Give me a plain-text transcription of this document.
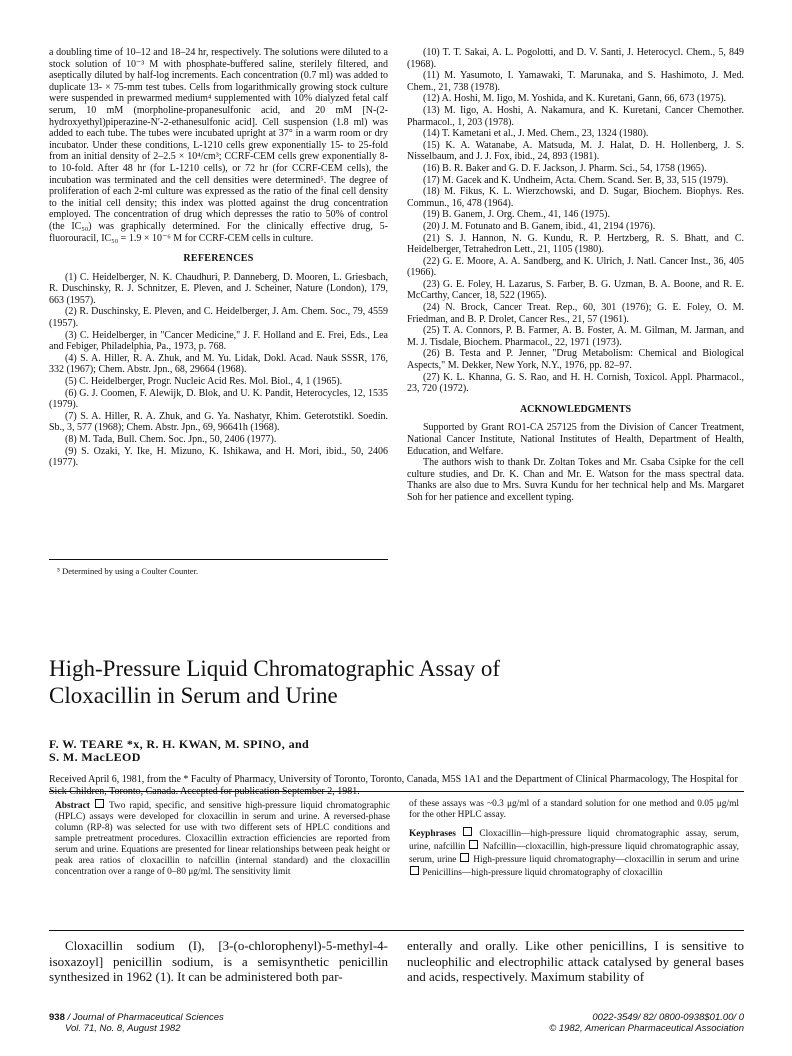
a doubling time of 10–12 and 18–24 hr, respectively. The solutions were diluted to a stock solution of 10⁻³ M with phosphate-buffered saline, sterilely filtered, and aseptically diluted by half-log increments. Each concentration (0.7 ml) was added to duplicate 13- × 75-mm test tubes. Cells from logarithmically growing stock culture were suspended in prewarmed medium⁴ supplemented with 10% dialyzed fetal calf serum, 10 mM (morpholine-propanesulfonic acid, and 20 mM [N-(2-hydroxyethyl)piperazine-N′-2-ethanesulfonic acid]. Cell suspension (1.8 ml) was added to each tube. The tubes were incubated upright at 37° in a warm room or dry incubator. Under these conditions, L-1210 cells grew exponentially 15- to 25-fold from an initial density of 2–2.5 × 10⁴/cm³; CCRF-CEM cells grew exponentially 8- to 10-fold. After 48 hr (for L-1210 cells), or 72 hr (for CCRF-CEM cells), the incubation was terminated and the cell densities were determined⁵. The degree of proliferation of each 2-ml culture was expressed as the ratio of the final cell density to the initial cell density; this index was plotted against the drug concentration employed. The concentration of drug which depresses the ratio to 50% of control (the IC₅₀) was graphically determined. For the clinically effective drug, 5-fluorouracil, IC₅₀ = 1.9 × 10⁻⁶ M for CCRF-CEM cells in culture.

REFERENCES

(1) C. Heidelberger, N. K. Chaudhuri, P. Danneberg, D. Mooren, L. Griesbach, R. Duschinsky, R. J. Schnitzer, E. Pleven, and J. Scheiner, Nature (London), 179, 663 (1957).

(2) R. Duschinsky, E. Pleven, and C. Heidelberger, J. Am. Chem. Soc., 79, 4559 (1957).

(3) C. Heidelberger, in "Cancer Medicine," J. F. Holland and E. Frei, Eds., Lea and Febiger, Philadelphia, Pa., 1973, p. 768.

(4) S. A. Hiller, R. A. Zhuk, and M. Yu. Lidak, Dokl. Acad. Nauk SSSR, 176, 332 (1967); Chem. Abstr. Jpn., 68, 29664 (1968).

(5) C. Heidelberger, Progr. Nucleic Acid Res. Mol. Biol., 4, 1 (1965).

(6) G. J. Coomen, F. Alewijk, D. Blok, and U. K. Pandit, Heterocycles, 12, 1535 (1979).

(7) S. A. Hiller, R. A. Zhuk, and G. Ya. Nashatyr, Khim. Geterotstikl. Soedin. Sb., 3, 577 (1968); Chem. Abstr. Jpn., 69, 96641h (1968).

(8) M. Tada, Bull. Chem. Soc. Jpn., 50, 2406 (1977).

(9) S. Ozaki, Y. Ike, H. Mizuno, K. Ishikawa, and H. Mori, ibid., 50, 2406 (1977).

⁵ Determined by using a Coulter Counter.

(10) T. T. Sakai, A. L. Pogolotti, and D. V. Santi, J. Heterocycl. Chem., 5, 849 (1968).

(11) M. Yasumoto, I. Yamawaki, T. Marunaka, and S. Hashimoto, J. Med. Chem., 21, 738 (1978).

(12) A. Hoshi, M. Iigo, M. Yoshida, and K. Kuretani, Gann, 66, 673 (1975).

(13) M. Iigo, A. Hoshi, A. Nakamura, and K. Kuretani, Cancer Chemother. Pharmacol., 1, 203 (1978).

(14) T. Kametani et al., J. Med. Chem., 23, 1324 (1980).

(15) K. A. Watanabe, A. Matsuda, M. J. Halat, D. H. Hollenberg, J. S. Nisselbaum, and J. J. Fox, ibid., 24, 893 (1981).

(16) B. R. Baker and G. D. F. Jackson, J. Pharm. Sci., 54, 1758 (1965).

(17) M. Gacek and K. Undheim, Acta. Chem. Scand. Ser. B, 33, 515 (1979).

(18) M. Fikus, K. L. Wierzchowski, and D. Sugar, Biochem. Biophys. Res. Commun., 16, 478 (1964).

(19) B. Ganem, J. Org. Chem., 41, 146 (1975).

(20) J. M. Fotunato and B. Ganem, ibid., 41, 2194 (1976).

(21) S. J. Hannon, N. G. Kundu, R. P. Hertzberg, R. S. Bhatt, and C. Heidelberger, Tetrahedron Lett., 21, 1105 (1980).

(22) G. E. Moore, A. A. Sandberg, and K. Ulrich, J. Natl. Cancer Inst., 36, 405 (1966).

(23) G. E. Foley, H. Lazarus, S. Farber, B. G. Uzman, B. A. Boone, and R. E. McCarthy, Cancer, 18, 522 (1965).

(24) N. Brock, Cancer Treat. Rep., 60, 301 (1976); G. E. Foley, O. M. Friedman, and B. P. Drolet, Cancer Res., 21, 57 (1961).

(25) T. A. Connors, P. B. Farmer, A. B. Foster, A. M. Gilman, M. Jarman, and M. J. Tisdale, Biochem. Pharmacol., 22, 1971 (1973).

(26) B. Testa and P. Jenner, "Drug Metabolism: Chemical and Biological Aspects," M. Dekker, New York, N.Y., 1976, pp. 82–97.

(27) K. L. Khanna, G. S. Rao, and H. H. Cornish, Toxicol. Appl. Pharmacol., 23, 720 (1972).

ACKNOWLEDGMENTS

Supported by Grant RO1-CA 257125 from the Division of Cancer Treatment, National Cancer Institute, National Institutes of Health, Department of Health, Education, and Welfare.

The authors wish to thank Dr. Zoltan Tokes and Mr. Csaba Csipke for the cell culture studies, and Dr. K. Chan and Mr. E. Watson for the mass spectral data. Thanks are also due to Mrs. Suvra Kundu for her technical help and Ms. Margaret Soh for her patience and excellent typing.

High-Pressure Liquid Chromatographic Assay of
Cloxacillin in Serum and Urine
F. W. TEARE *x, R. H. KWAN, M. SPINO, and
S. M. MacLEOD
Received April 6, 1981, from the * Faculty of Pharmacy, University of Toronto, Toronto, Canada, M5S 1A1 and the Department of Clinical Pharmacology, The Hospital for Sick Children, Toronto, Canada. Accepted for publication September 2, 1981.
Abstract Two rapid, specific, and sensitive high-pressure liquid chromatographic (HPLC) assays were developed for cloxacillin in serum and urine. A reversed-phase column (RP-8) was selected for use with two different sets of HPLC conditions and sample pretreatment procedures. Cloxacillin extraction efficiencies are reported from serum and urine. Equations are presented for linear relationships between peak height or peak area ratios of cloxacillin to nafcillin (internal standard) and the cloxacillin concentration over a range of 0–80 μg/ml. The sensitivity limit

of these assays was ~0.3 μg/ml of a standard solution for one method and 0.05 μg/ml for the other HPLC assay.

Keyphrases Cloxacillin—high-pressure liquid chromatographic assay, serum, urine, nafcillin Nafcillin—cloxacillin, high-pressure liquid chromatographic assay, serum, urine High-pressure liquid chromatography—cloxacillin in serum and urine  Penicillins—high-pressure liquid chromatography of cloxacillin

Cloxacillin sodium (I), [3-(o-chlorophenyl)-5-methyl-4-isoxazoyl] penicillin sodium, is a semisynthetic penicillin synthesized in 1962 (1). It can be administered both par-
enterally and orally. Like other penicillins, I is sensitive to nucleophilic and electrophilic attack catalysed by general bases and acids, respectively. Maximum stability of
938 / Journal of Pharmaceutical Sciences
Vol. 71, No. 8, August 1982
0022-3549/ 82/ 0800-0938$01.00/ 0
© 1982, American Pharmaceutical Association
